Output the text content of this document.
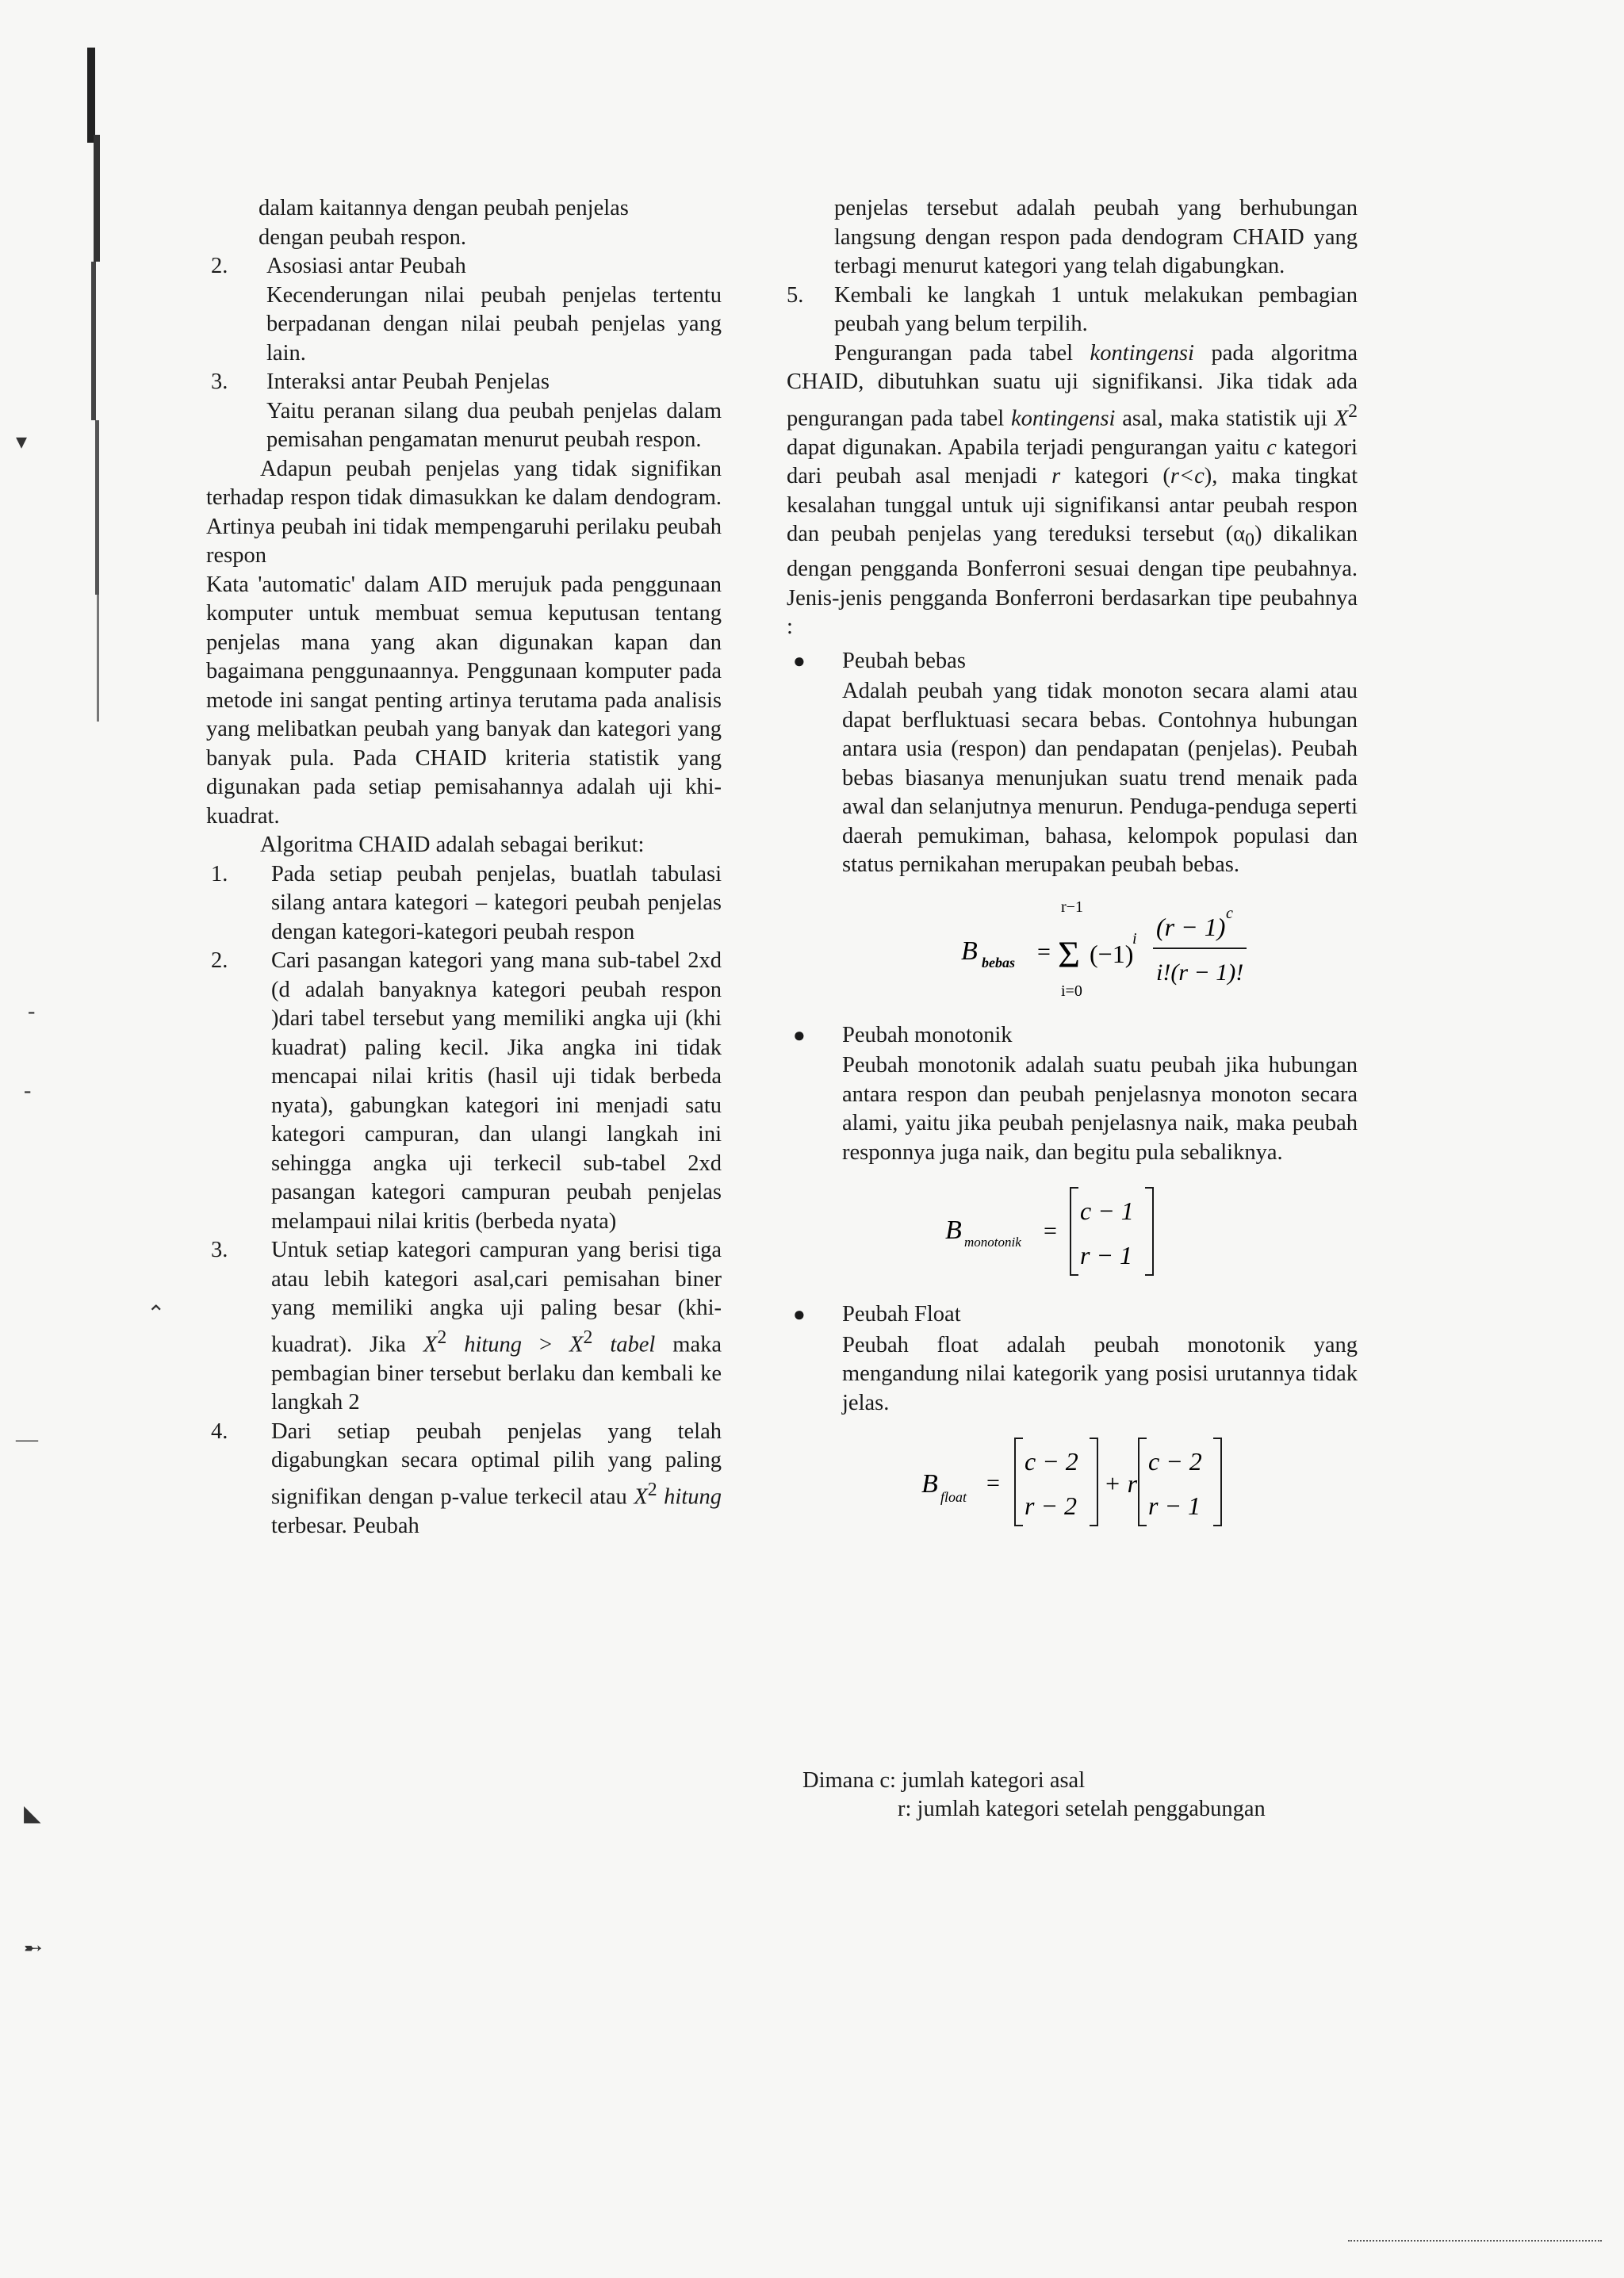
▾
-
-
⌃
—
◣
➸

dalam kaitannya dengan peubah penjelas

dengan peubah respon.

2. Asosiasi antar Peubah

Kecenderungan nilai peubah penjelas tertentu berpadanan dengan nilai peubah penjelas yang lain.

3. Interaksi antar Peubah Penjelas

Yaitu peranan silang dua peubah penjelas dalam pemisahan pengamatan menurut peubah respon.

Adapun peubah penjelas yang tidak signifikan terhadap respon tidak dimasukkan ke dalam dendogram. Artinya peubah ini tidak mempengaruhi perilaku peubah respon

Kata 'automatic' dalam AID merujuk pada penggunaan komputer untuk membuat semua keputusan tentang penjelas mana yang akan digunakan kapan dan bagaimana penggunaannya. Penggunaan komputer pada metode ini sangat penting artinya terutama pada analisis yang melibatkan peubah yang banyak dan kategori yang banyak pula. Pada CHAID kriteria statistik yang digunakan pada setiap pemisahannya adalah uji khi-kuadrat.

Algoritma CHAID adalah sebagai berikut:

1. Pada setiap peubah penjelas, buatlah tabulasi silang antara kategori – kategori peubah penjelas dengan kategori-kategori peubah respon

2. Cari pasangan kategori yang mana sub-tabel 2xd (d adalah banyaknya kategori peubah respon )dari tabel tersebut yang memiliki angka uji (khi kuadrat) paling kecil. Jika angka ini tidak mencapai nilai kritis (hasil uji tidak berbeda nyata), gabungkan kategori ini menjadi satu kategori campuran, dan ulangi langkah ini sehingga angka uji terkecil sub-tabel 2xd pasangan kategori campuran peubah penjelas melampaui nilai kritis (berbeda nyata)

3. Untuk setiap kategori campuran yang berisi tiga atau lebih kategori asal,cari pemisahan biner yang memiliki angka uji paling besar (khi-kuadrat). Jika $X^2$ hitung > $X^2$ tabel maka pembagian biner tersebut berlaku dan kembali ke langkah 2

4. Dari setiap peubah penjelas yang telah digabungkan secara optimal pilih yang paling signifikan dengan p-value terkecil atau $X^2$ hitung terbesar. Peubah

penjelas tersebut adalah peubah yang berhubungan langsung dengan respon pada dendogram CHAID yang terbagi menurut kategori yang telah digabungkan.

5. Kembali ke langkah 1 untuk melakukan pembagian peubah yang belum terpilih.

Pengurangan pada tabel kontingensi pada algoritma CHAID, dibutuhkan suatu uji signifikansi. Jika tidak ada pengurangan pada tabel kontingensi asal, maka statistik uji $X^2$ dapat digunakan. Apabila terjadi pengurangan yaitu c kategori dari peubah asal menjadi r kategori (r<c), maka tingkat kesalahan tunggal untuk uji signifikansi antar peubah respon dan peubah penjelas yang tereduksi tersebut $(\alpha_0)$ dikalikan dengan pengganda Bonferroni sesuai dengan tipe peubahnya. Jenis-jenis pengganda Bonferroni berdasarkan tipe peubahnya :

● Peubah bebas

Adalah peubah yang tidak monoton secara alami atau dapat berfluktuasi secara bebas. Contohnya hubungan antara usia (respon) dan pendapatan (penjelas). Peubah bebas biasanya menunjukan suatu trend menaik pada awal dan selanjutnya menurun. Penduga-penduga seperti daerah pemukiman, bahasa, kelompok populasi dan status pernikahan merupakan peubah bebas.

B bebas =
r−1
Σ
i=0
(−1)
i (r − 1) c
i!(r − 1)!
● Peubah monotonik

Peubah monotonik adalah suatu peubah jika hubungan antara respon dan peubah penjelasnya monoton secara alami, yaitu jika peubah penjelasnya naik, maka peubah responnya juga naik, dan begitu pula sebaliknya.

B monotonik =
c − 1
r − 1
● Peubah Float

Peubah float adalah peubah monotonik yang mengandung nilai kategorik yang posisi urutannya tidak jelas.

B float
=
c − 2
r − 2
+ r
c − 2
r − 1

Dimana c: jumlah kategori asal

r: jumlah kategori setelah penggabungan
